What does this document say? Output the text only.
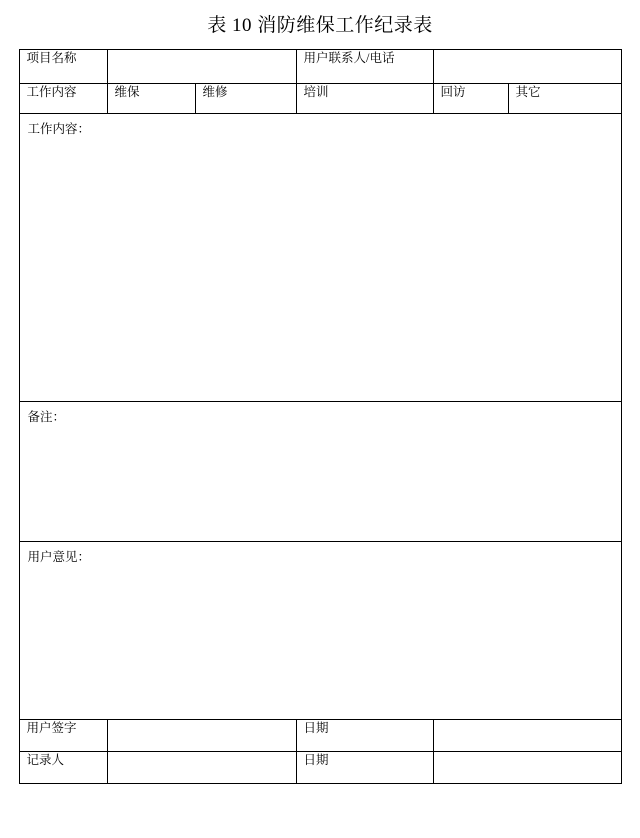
表 10 消防维保工作纪录表
项目名称			用户联系人/电话		

工作内容	维保	维修	培训	回访	其它

工作内容：					

备注：					

用户意见：					

用户签字			日期		

记录人			日期		
